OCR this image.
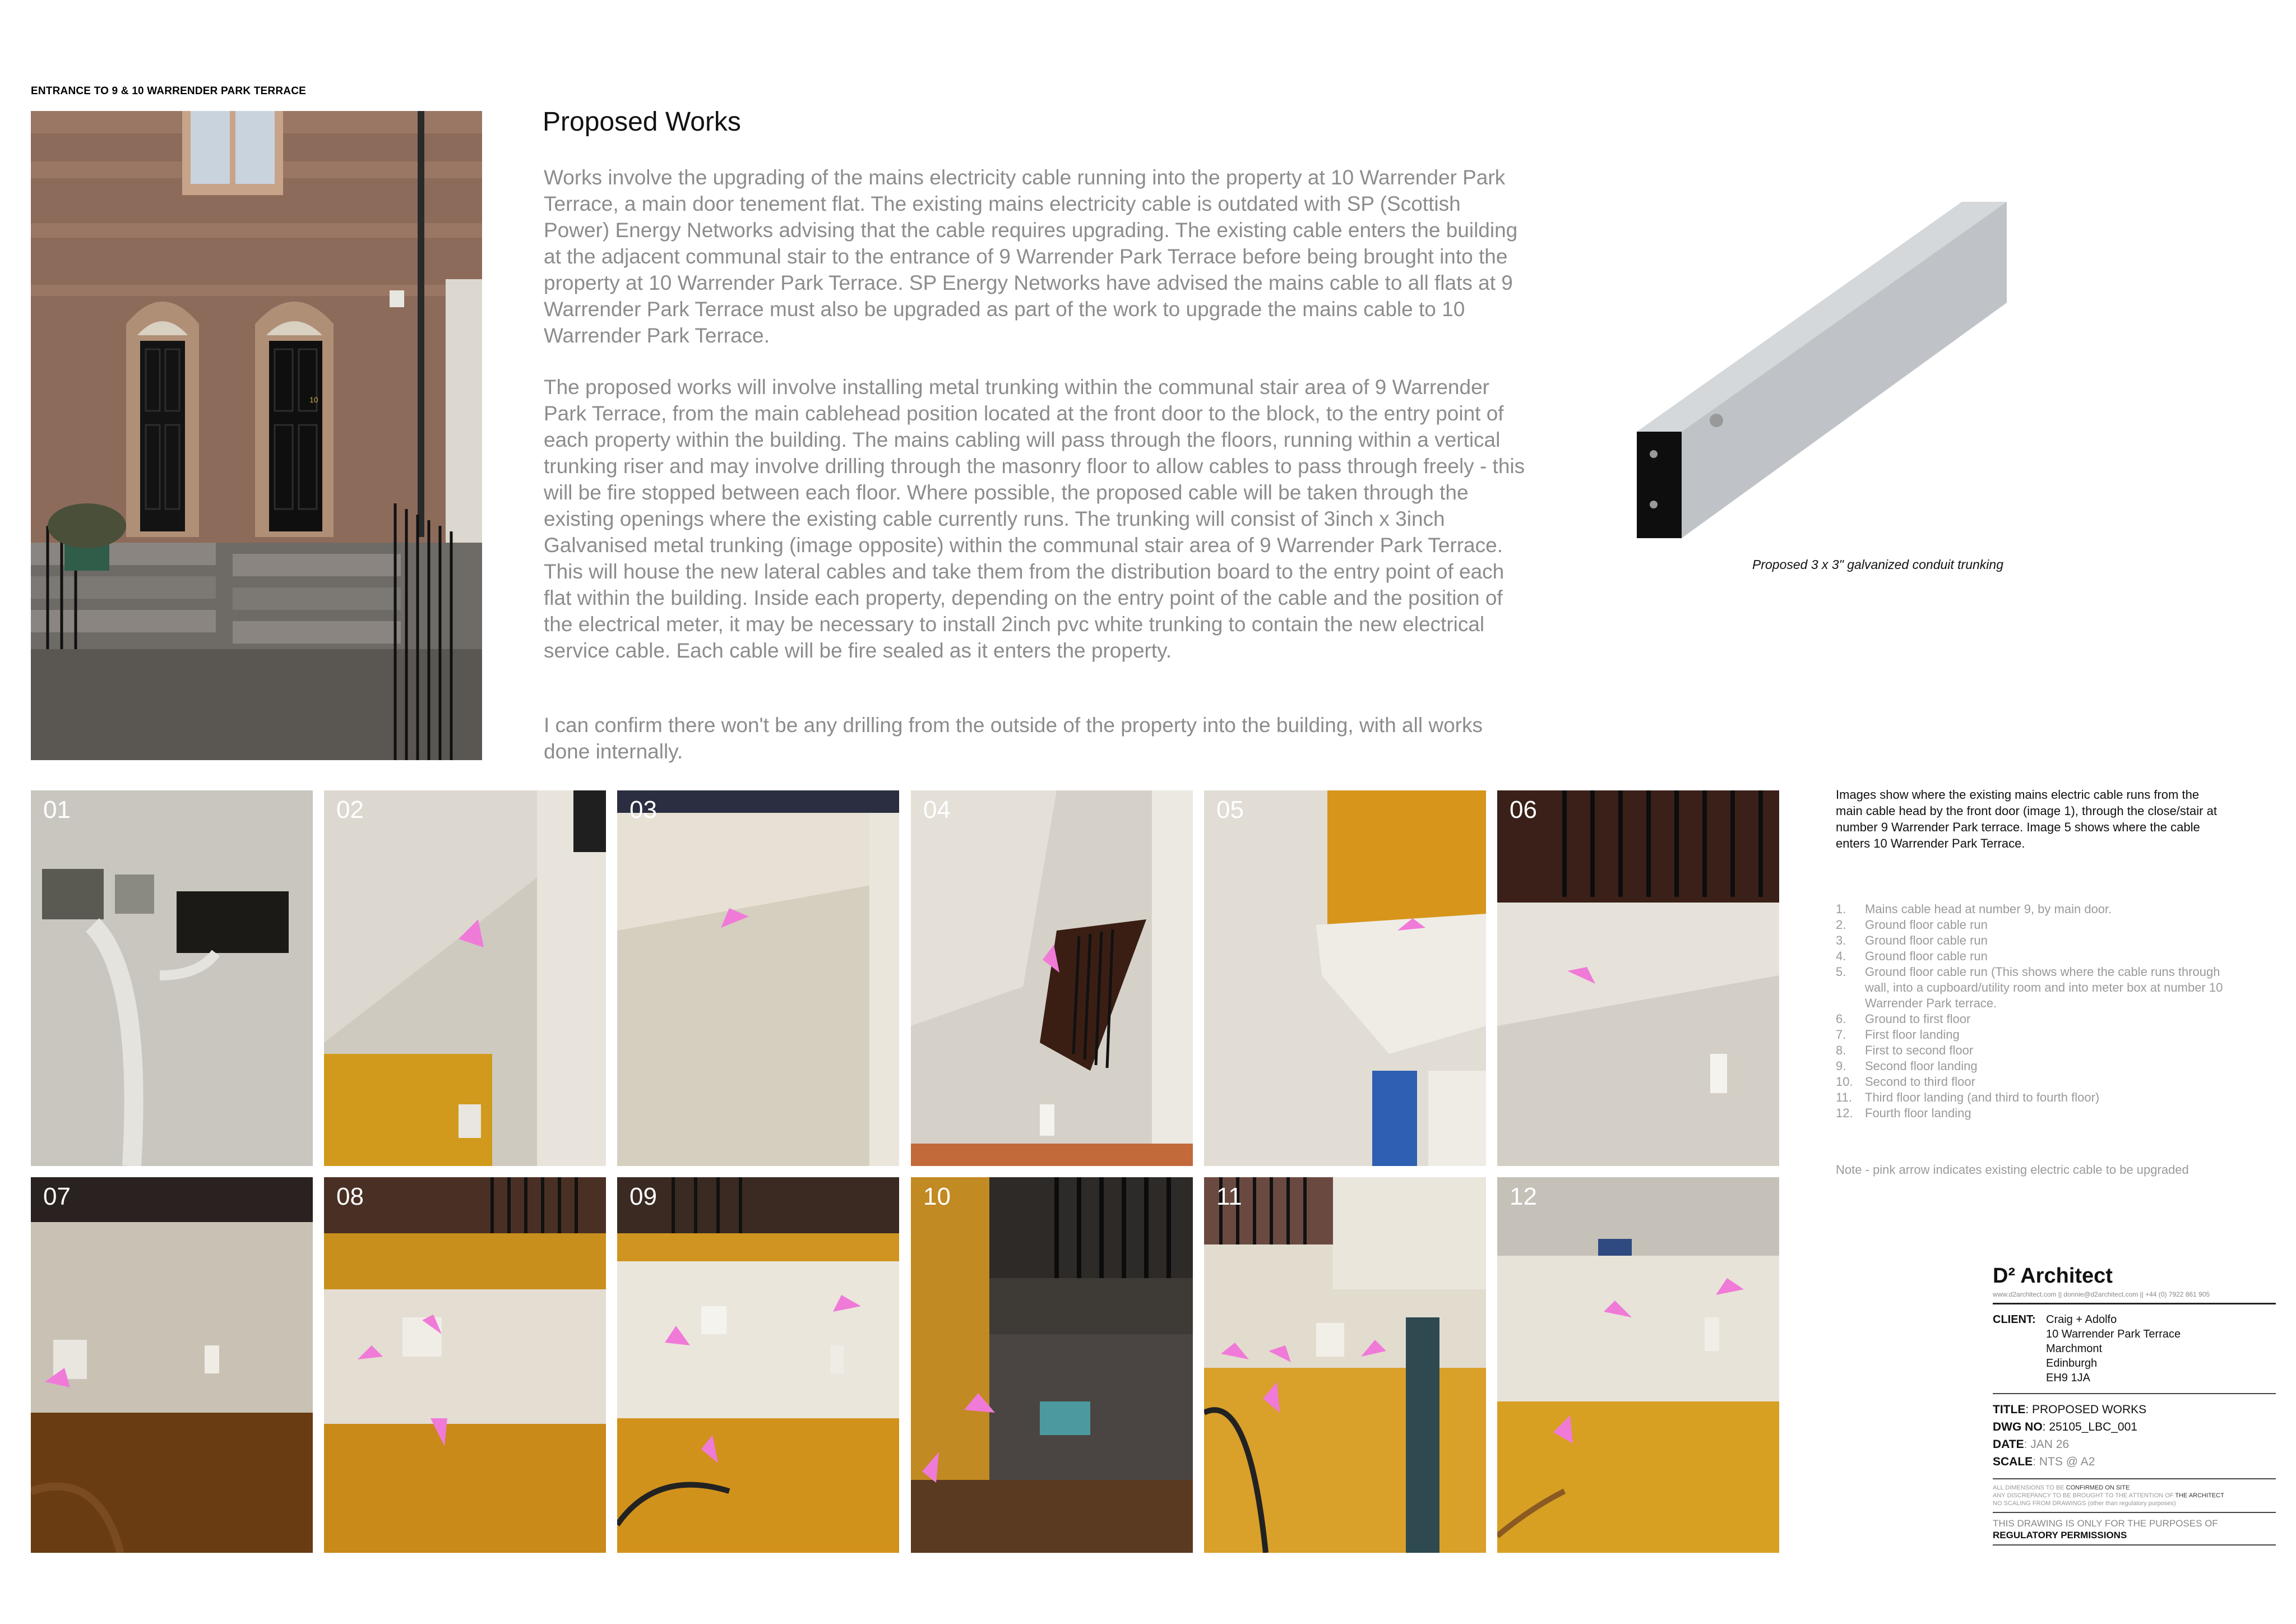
ENTRANCE TO 9 & 10 WARRENDER PARK TERRACE
10
Proposed Works

Works involve the upgrading of the mains electricity cable running into the property at 10 Warrender Park Terrace, a main door tenement flat. The existing mains electricity cable is outdated with SP (Scottish Power) Energy Networks advising that the cable requires upgrading. The existing cable enters the building at the adjacent communal stair to the entrance of 9 Warrender Park Terrace before being brought into the property at 10 Warrender Park Terrace. SP Energy Networks have advised the mains cable to all flats at 9 Warrender Park Terrace must also be upgraded as part of the work to upgrade the mains cable to 10 Warrender Park Terrace.

The proposed works will involve installing metal trunking within the communal stair area of 9 Warrender Park Terrace, from the main cablehead position located at the front door to the block, to the entry point of each property within the building. The mains cabling will pass through the floors, running within a vertical trunking riser and may involve drilling through the masonry floor to allow cables to pass through freely - this will be fire stopped between each floor. Where possible, the proposed cable will be taken through the existing openings where the existing cable currently runs. The trunking will consist of 3inch x 3inch Galvanised metal trunking (image opposite) within the communal stair area of 9 Warrender Park Terrace. This will house the new lateral cables and take them from the distribution board to the entry point of each flat within the building. Inside each property, depending on the entry point of the cable and the position of the electrical meter, it may be necessary to install 2inch pvc white trunking to contain the new electrical service cable. Each cable will be fire sealed as it enters the property.

I can confirm there won't be any drilling from the outside of the property into the building, with all works done internally.

Proposed 3 x 3" galvanized conduit trunking
01	02	03	04	05	06
07	08	09	10	11	12
Images show where the existing mains electric cable runs from the main cable head by the front door (image 1), through the close/stair at number 9 Warrender Park terrace. Image 5 shows where the cable enters 10 Warrender Park Terrace.
1.	Mains cable head at number 9, by main door.
2.	Ground floor cable run
3.	Ground floor cable run
4.	Ground floor cable run
5.	Ground floor cable run (This shows where the cable runs through wall, into a cupboard/utility room and into meter box at number 10 Warrender Park terrace.
6.	Ground to first floor
7.	First floor landing
8.	First to second floor
9.	Second floor landing
10. Second to third floor
11.	Third floor landing (and third to fourth floor)
12. Fourth floor landing
Note - pink arrow indicates existing electric cable to be upgraded
D² Architect
www.d2architect.com || donnie@d2architect.com || +44 (0) 7922 861 905
CLIENT: Craig + Adolfo
10 Warrender Park Terrace
Marchmont
Edinburgh
EH9 1JA
TITLE: PROPOSED WORKS
DWG NO: 25105_LBC_001
DATE: JAN 26
SCALE: NTS @ A2
ALL DIMENSIONS TO BE CONFIRMED ON SITE
ANY DISCREPANCY TO BE BROUGHT TO THE ATTENTION OF THE ARCHITECT
NO SCALING FROM DRAWINGS (other than regulatory purposes)
THIS DRAWING IS ONLY FOR THE PURPOSES OF
REGULATORY PERMISSIONS
